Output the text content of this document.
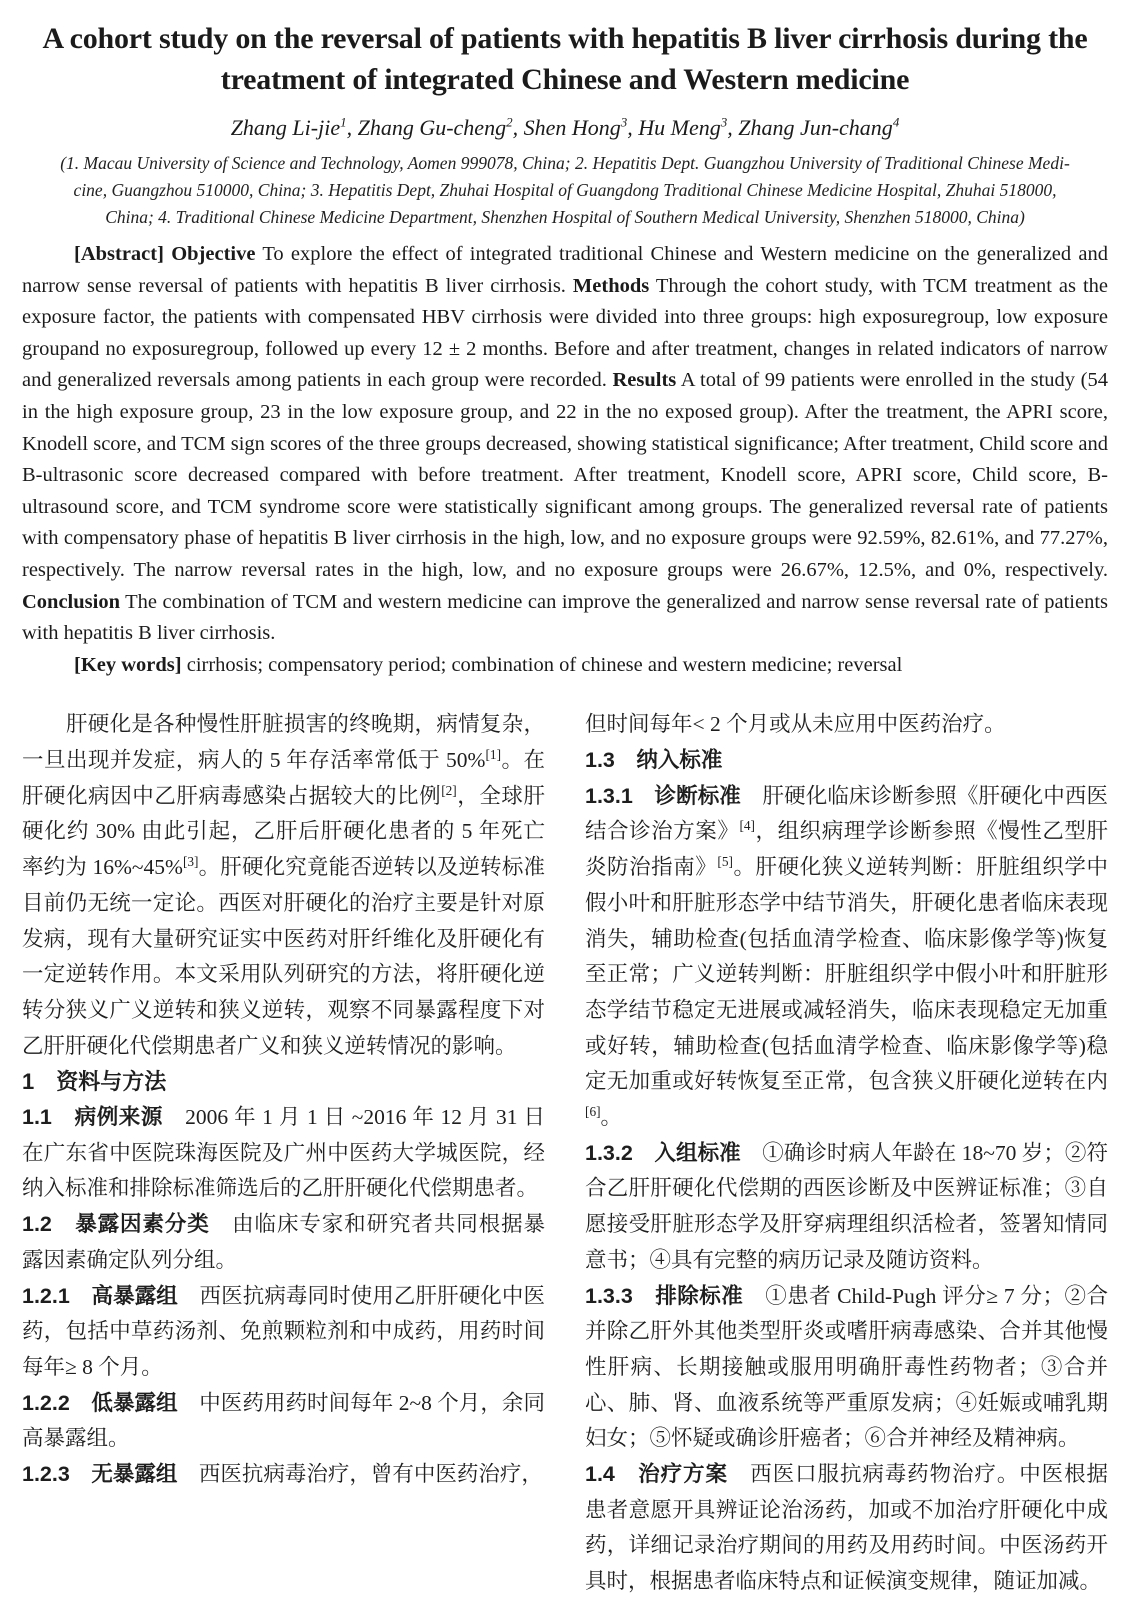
A cohort study on the reversal of patients with hepatitis B liver cirrhosis during the treatment of integrated Chinese and Western medicine
Zhang Li-jie$^1$, Zhang Gu-cheng$^2$, Shen Hong$^3$, Hu Meng$^3$, Zhang Jun-chang$^4$
(1. Macau University of Science and Technology, Aomen 999078, China; 2. Hepatitis Dept. Guangzhou University of Traditional Chinese Medi-
cine, Guangzhou 510000, China; 3. Hepatitis Dept, Zhuhai Hospital of Guangdong Traditional Chinese Medicine Hospital, Zhuhai 518000,
China; 4. Traditional Chinese Medicine Department, Shenzhen Hospital of Southern Medical University, Shenzhen 518000, China)

[Abstract] Objective To explore the effect of integrated traditional Chinese and Western medicine on the generalized and narrow sense reversal of patients with hepatitis B liver cirrhosis. Methods Through the cohort study, with TCM treatment as the exposure factor, the patients with compensated HBV cirrhosis were divided into three groups: high exposuregroup, low exposure groupand no exposuregroup, followed up every 12 ± 2 months. Before and after treatment, changes in related indicators of narrow and generalized reversals among patients in each group were recorded. Results A total of 99 patients were enrolled in the study (54 in the high exposure group, 23 in the low exposure group, and 22 in the no exposed group). After the treatment, the APRI score, Knodell score, and TCM sign scores of the three groups decreased, showing statistical significance; After treatment, Child score and B-ultrasonic score decreased compared with before treatment. After treatment, Knodell score, APRI score, Child score, B-ultrasound score, and TCM syndrome score were statistically significant among groups. The generalized reversal rate of patients with compensatory phase of hepatitis B liver cirrhosis in the high, low, and no exposure groups were 92.59%, 82.61%, and 77.27%, respectively. The narrow reversal rates in the high, low, and no exposure groups were 26.67%, 12.5%, and 0%, respectively. Conclusion The combination of TCM and western medicine can improve the generalized and narrow sense reversal rate of patients with hepatitis B liver cirrhosis.

[Key words] cirrhosis; compensatory period; combination of chinese and western medicine; reversal

肝硬化是各种慢性肝脏损害的终晚期，病情复杂，一旦出现并发症，病人的 5 年存活率常低于 50%[1]。在肝硬化病因中乙肝病毒感染占据较大的比例[2]，全球肝硬化约 30% 由此引起，乙肝后肝硬化患者的 5 年死亡率约为 16%~45%[3]。肝硬化究竟能否逆转以及逆转标准目前仍无统一定论。西医对肝硬化的治疗主要是针对原发病，现有大量研究证实中医药对肝纤维化及肝硬化有一定逆转作用。本文采用队列研究的方法，将肝硬化逆转分狭义广义逆转和狭义逆转，观察不同暴露程度下对乙肝肝硬化代偿期患者广义和狭义逆转情况的影响。

1　资料与方法

1.1　病例来源　2006 年 1 月 1 日 ~2016 年 12 月 31 日在广东省中医院珠海医院及广州中医药大学城医院，经纳入标准和排除标准筛选后的乙肝肝硬化代偿期患者。

1.2　暴露因素分类　由临床专家和研究者共同根据暴露因素确定队列分组。

1.2.1　高暴露组　西医抗病毒同时使用乙肝肝硬化中医药，包括中草药汤剂、免煎颗粒剂和中成药，用药时间每年≥ 8 个月。

1.2.2　低暴露组　中医药用药时间每年 2~8 个月，余同高暴露组。

1.2.3　无暴露组　西医抗病毒治疗，曾有中医药治疗，

但时间每年< 2 个月或从未应用中医药治疗。

1.3　纳入标准

1.3.1　诊断标准　肝硬化临床诊断参照《肝硬化中西医结合诊治方案》[4]，组织病理学诊断参照《慢性乙型肝炎防治指南》[5]。肝硬化狭义逆转判断：肝脏组织学中假小叶和肝脏形态学中结节消失，肝硬化患者临床表现消失，辅助检查(包括血清学检查、临床影像学等)恢复至正常；广义逆转判断：肝脏组织学中假小叶和肝脏形态学结节稳定无进展或减轻消失，临床表现稳定无加重或好转，辅助检查(包括血清学检查、临床影像学等)稳定无加重或好转恢复至正常，包含狭义肝硬化逆转在内[6]。

1.3.2　入组标准　①确诊时病人年龄在 18~70 岁；②符合乙肝肝硬化代偿期的西医诊断及中医辨证标准；③自愿接受肝脏形态学及肝穿病理组织活检者，签署知情同意书；④具有完整的病历记录及随访资料。

1.3.3　排除标准　①患者 Child-Pugh 评分≥ 7 分；②合并除乙肝外其他类型肝炎或嗜肝病毒感染、合并其他慢性肝病、长期接触或服用明确肝毒性药物者；③合并心、肺、肾、血液系统等严重原发病；④妊娠或哺乳期妇女；⑤怀疑或确诊肝癌者；⑥合并神经及精神病。

1.4　治疗方案　西医口服抗病毒药物治疗。中医根据患者意愿开具辨证论治汤药，加或不加治疗肝硬化中成药，详细记录治疗期间的用药及用药时间。中医汤药开具时，根据患者临床特点和证候演变规律，随证加减。
